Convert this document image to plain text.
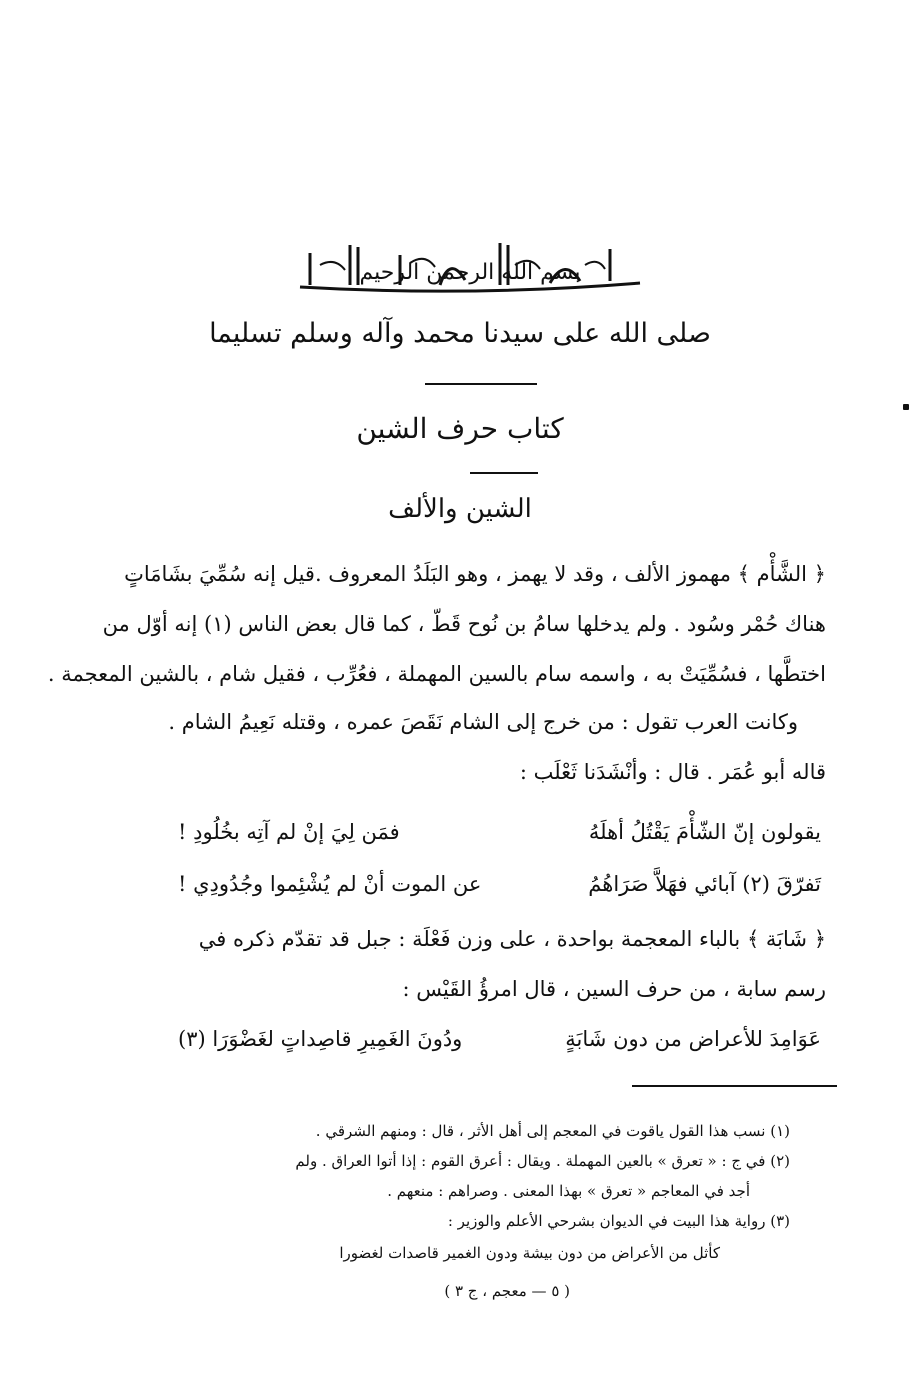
بسم الله الرحمن الرحيم
صلى الله على سيدنا محمد وآله وسلم تسليما
كتاب حرف الشين
الشين والألف
﴿ الشَّأْم ﴾ مهموز الألف ، وقد لا يهمز ، وهو البَلَدُ المعروف .قيل إنه سُمِّيَ بشَامَاتٍ
هناك حُمْر وسُود . ولم يدخلها سامُ بن نُوح قَطّ ، كما قال بعض الناس (١) إنه أوّل من
اختطَّها ، فسُمِّيَتْ به ، واسمه سام بالسين المهملة ، فعُرِّب ، فقيل شام ، بالشين المعجمة .
وكانت العرب تقول : من خرج إلى الشام نَقَصَ عمره ، وقتله نَعِيمُ الشام .
قاله أبو عُمَر . قال : وأنْشَدَنا ثَعْلَب :
يقولون إنّ الشّأْمَ يَقْتُلُ أهلَهُ
فمَن لِيَ إنْ لم آتِه بخُلُودِ !
تَفرّقَ (٢) آبائي فهَلاَّ صَرَاهُمُ
عن الموت أنْ لم يُشْئِموا وجُدُودِي !
﴿ شَابَة ﴾ بالباء المعجمة بواحدة ، على وزن فَعْلَة : جبل قد تقدّم ذكره في
رسم سابة ، من حرف السين ، قال امرؤُ القَيْس :
عَوَامِدَ للأعراض من دون شَابَةٍ
ودُونَ الغَمِيرِ قاصِداتٍ لغَضْوَرَا (٣)
(١) نسب هذا القول ياقوت في المعجم إلى أهل الأثر ، قال : ومنهم الشرقي .
(٢) في ج : « تعرق » بالعين المهملة . ويقال : أعرق القوم : إذا أتوا العراق . ولم
أجد في المعاجم « تعرق » بهذا المعنى . وصراهم : منعهم .
(٣) رواية هذا البيت في الديوان بشرحي الأعلم والوزير :
كأثل من الأعراض من دون بيشة ودون الغمير قاصدات لغضورا
( ٥ — معجم ، ج ٣ )
